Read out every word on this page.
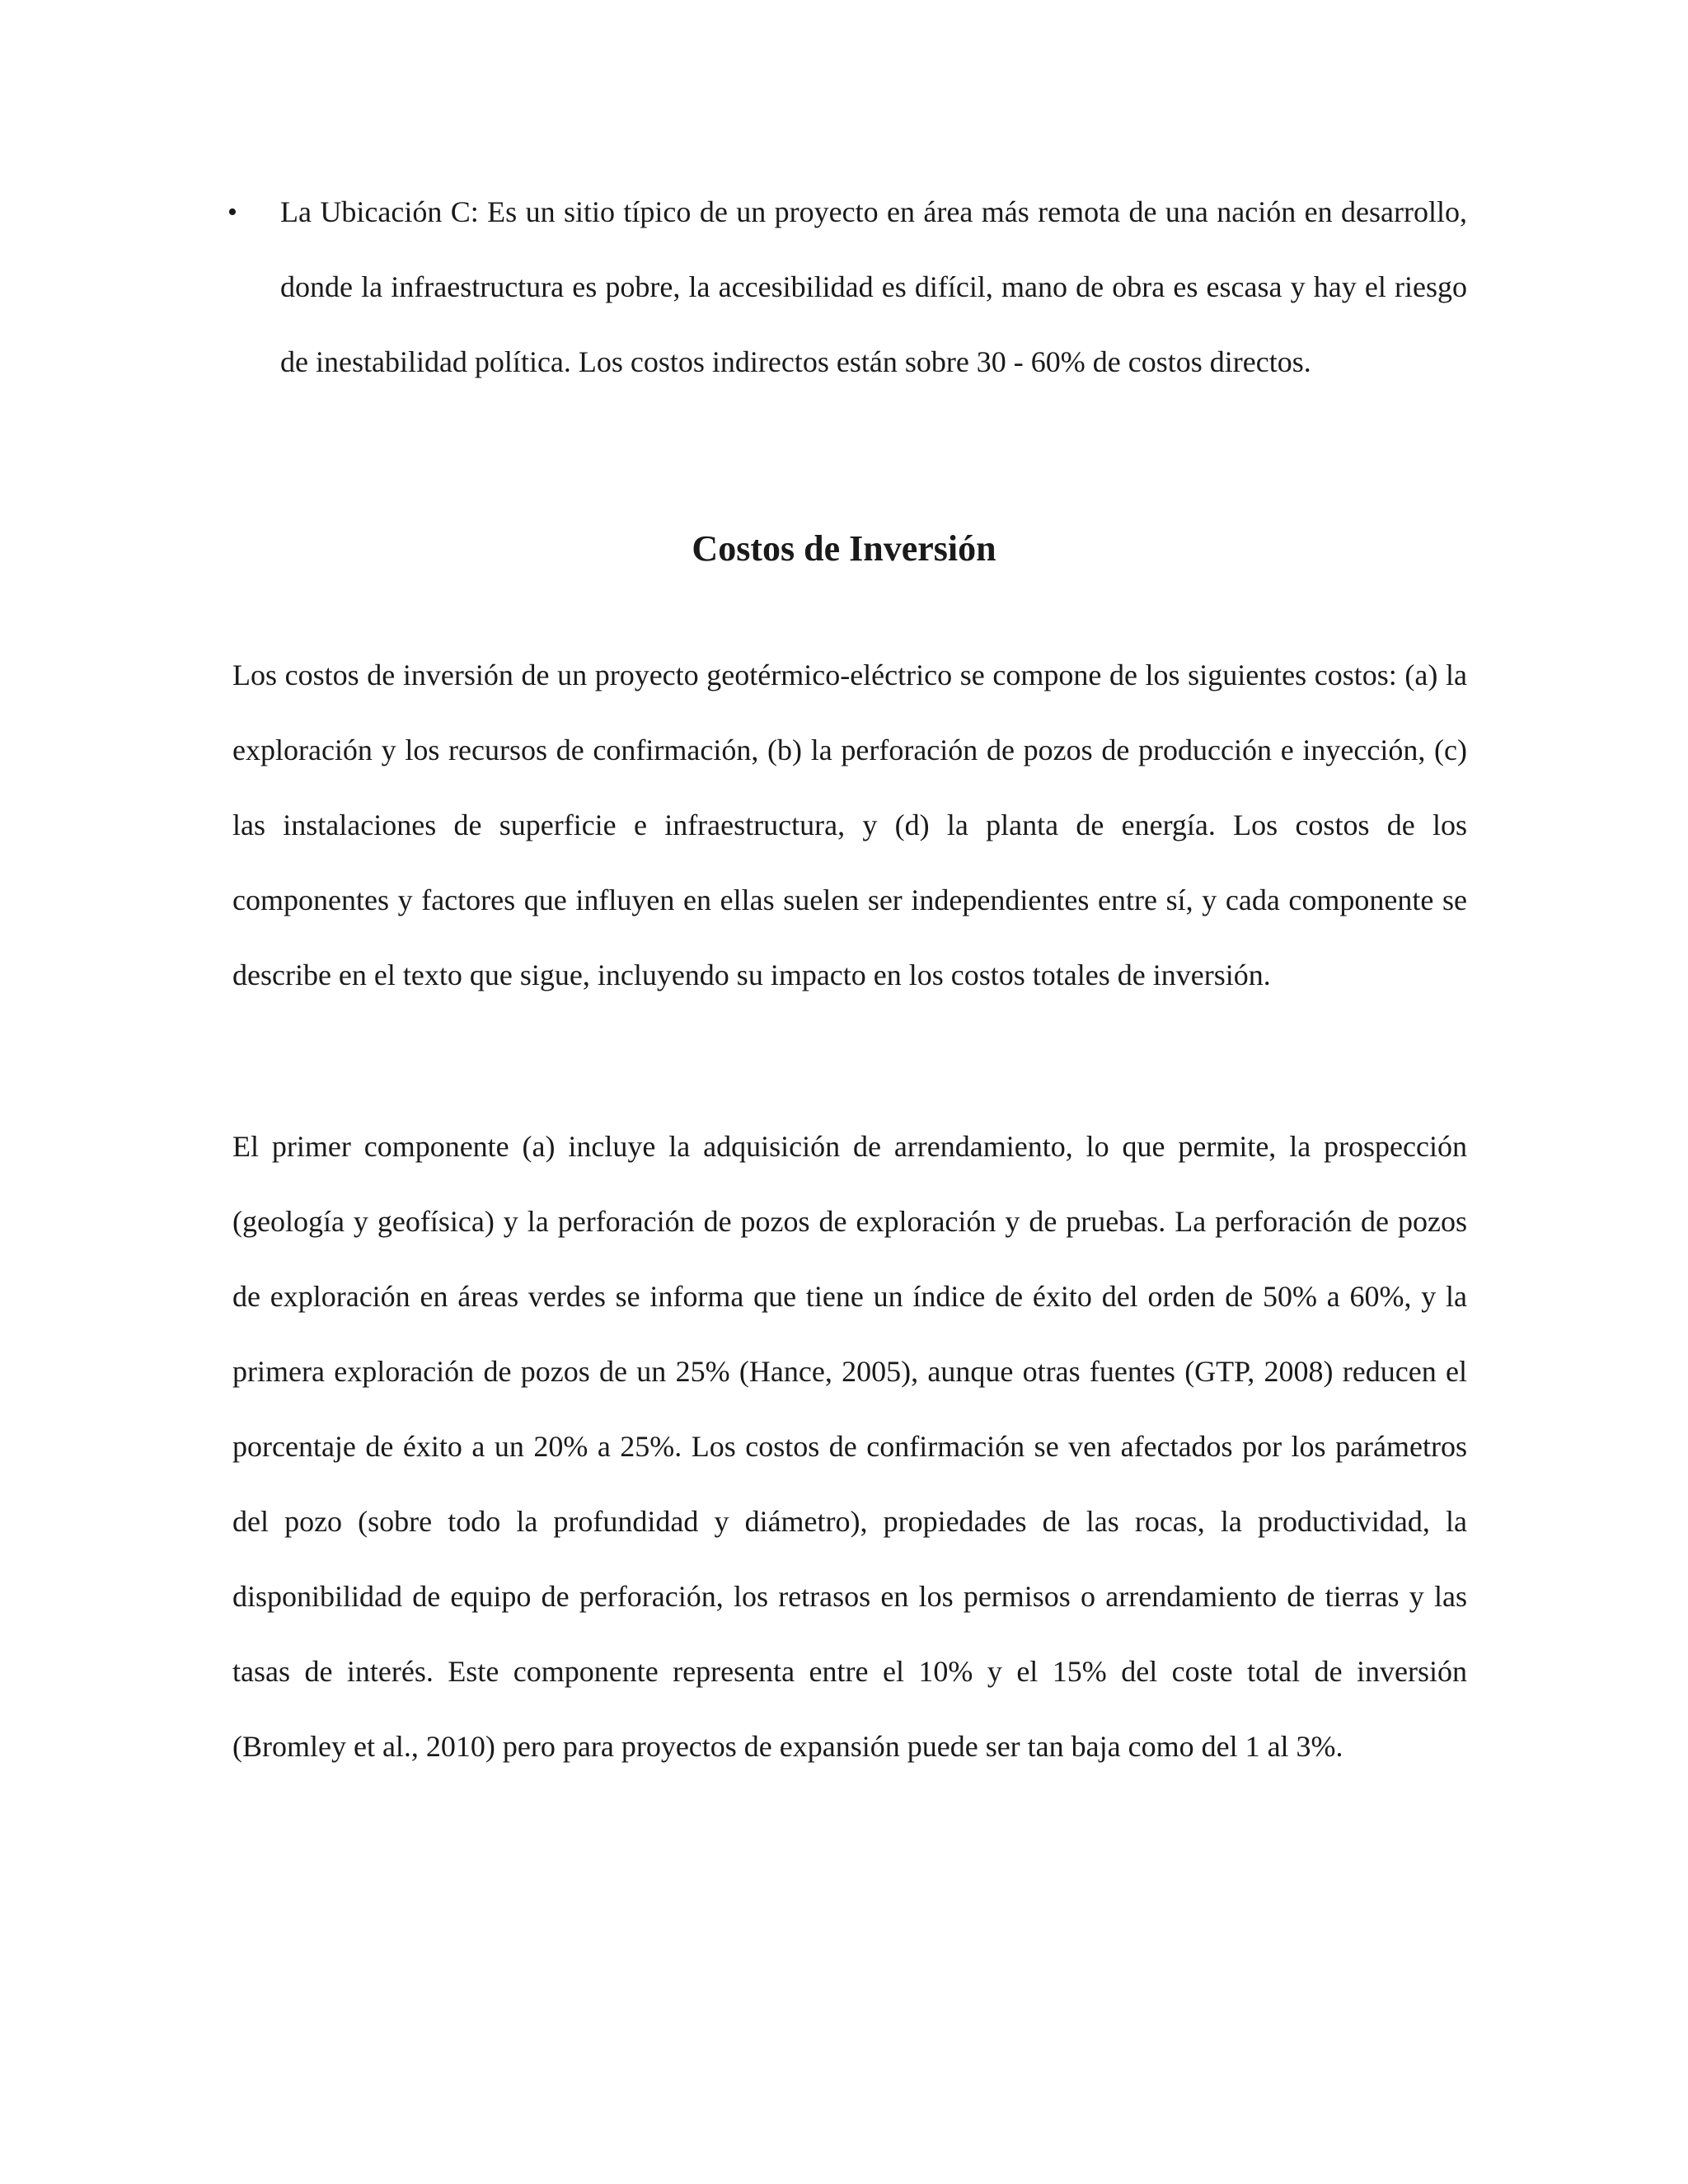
• La Ubicación C: Es un sitio típico de un proyecto en área más remota de una nación en desarrollo, donde la infraestructura es pobre, la accesibilidad es difícil, mano de obra es escasa y hay el riesgo de inestabilidad política. Los costos indirectos están sobre 30 - 60% de costos directos.

Costos de Inversión

Los costos de inversión de un proyecto geotérmico-eléctrico se compone de los siguientes costos: (a) la exploración y los recursos de confirmación, (b) la perforación de pozos de producción e inyección, (c) las instalaciones de superficie e infraestructura, y (d) la planta de energía. Los costos de los componentes y factores que influyen en ellas suelen ser independientes entre sí, y cada componente se describe en el texto que sigue, incluyendo su impacto en los costos totales de inversión.

El primer componente (a) incluye la adquisición de arrendamiento, lo que permite, la prospección (geología y geofísica) y la perforación de pozos de exploración y de pruebas. La perforación de pozos de exploración en áreas verdes se informa que tiene un índice de éxito del orden de 50% a 60%, y la primera exploración de pozos de un 25% (Hance, 2005), aunque otras fuentes (GTP, 2008) reducen el porcentaje de éxito a un 20% a 25%. Los costos de confirmación se ven afectados por los parámetros del pozo (sobre todo la profundidad y diámetro), propiedades de las rocas, la productividad, la disponibilidad de equipo de perforación, los retrasos en los permisos o arrendamiento de tierras y las tasas de interés. Este componente representa entre el 10% y el 15% del coste total de inversión (Bromley et al., 2010) pero para proyectos de expansión puede ser tan baja como del 1 al 3%.
